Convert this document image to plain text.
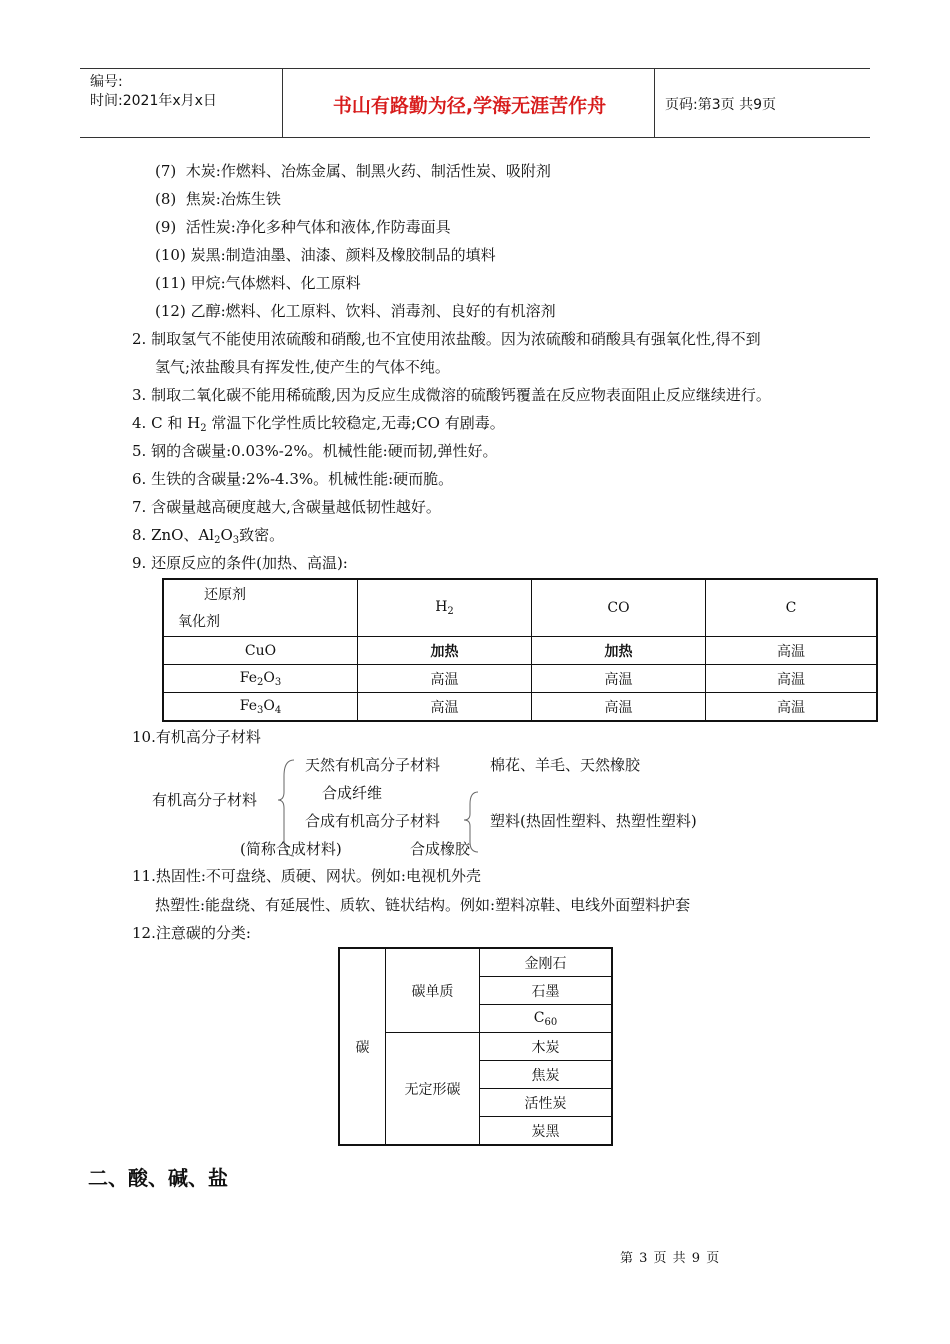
编号:
时间:2021年x月x日	书山有路勤为径,学海无涯苦作舟	页码:第3页 共9页
(7) 木炭:作燃料、冶炼金属、制黑火药、制活性炭、吸附剂
(8) 焦炭:冶炼生铁
(9) 活性炭:净化多种气体和液体,作防毒面具
(10) 炭黑:制造油墨、油漆、颜料及橡胶制品的填料
(11) 甲烷:气体燃料、化工原料
(12) 乙醇:燃料、化工原料、饮料、消毒剂、良好的有机溶剂
2. 制取氢气不能使用浓硫酸和硝酸,也不宜使用浓盐酸。因为浓硫酸和硝酸具有强氧化性,得不到
氢气;浓盐酸具有挥发性,使产生的气体不纯。
3. 制取二氧化碳不能用稀硫酸,因为反应生成微溶的硫酸钙覆盖在反应物表面阻止反应继续进行。
4. C 和 $H_2$ 常温下化学性质比较稳定,无毒;CO 有剧毒。
5. 钢的含碳量:0.03%-2%。机械性能:硬而韧,弹性好。
6. 生铁的含碳量:2%-4.3%。机械性能:硬而脆。
7. 含碳量越高硬度越大,含碳量越低韧性越好。
8. ZnO、$Al_2O_3$致密。
9. 还原反应的条件(加热、高温):
还原剂
氧化剂	$H_2$	CO	C
CuO	加热	加热	高温
$Fe_2O_3$	高温	高温	高温
$Fe_3O_4$	高温	高温	高温
10.有机高分子材料
有机高分子材料
天然有机高分子材料	棉花、羊毛、天然橡胶
合成纤维
合成有机高分子材料	塑料(热固性塑料、热塑性塑料)
(简称合成材料)	合成橡胶
11.热固性:不可盘绕、质硬、网状。例如:电视机外壳
热塑性:能盘绕、有延展性、质软、链状结构。例如:塑料凉鞋、电线外面塑料护套
12.注意碳的分类:
碳	碳单质	金刚石
		石墨
		$C_{60}$
	无定形碳	木炭
		焦炭
		活性炭
		炭黑
二、酸、碱、盐
第 3 页 共 9 页
